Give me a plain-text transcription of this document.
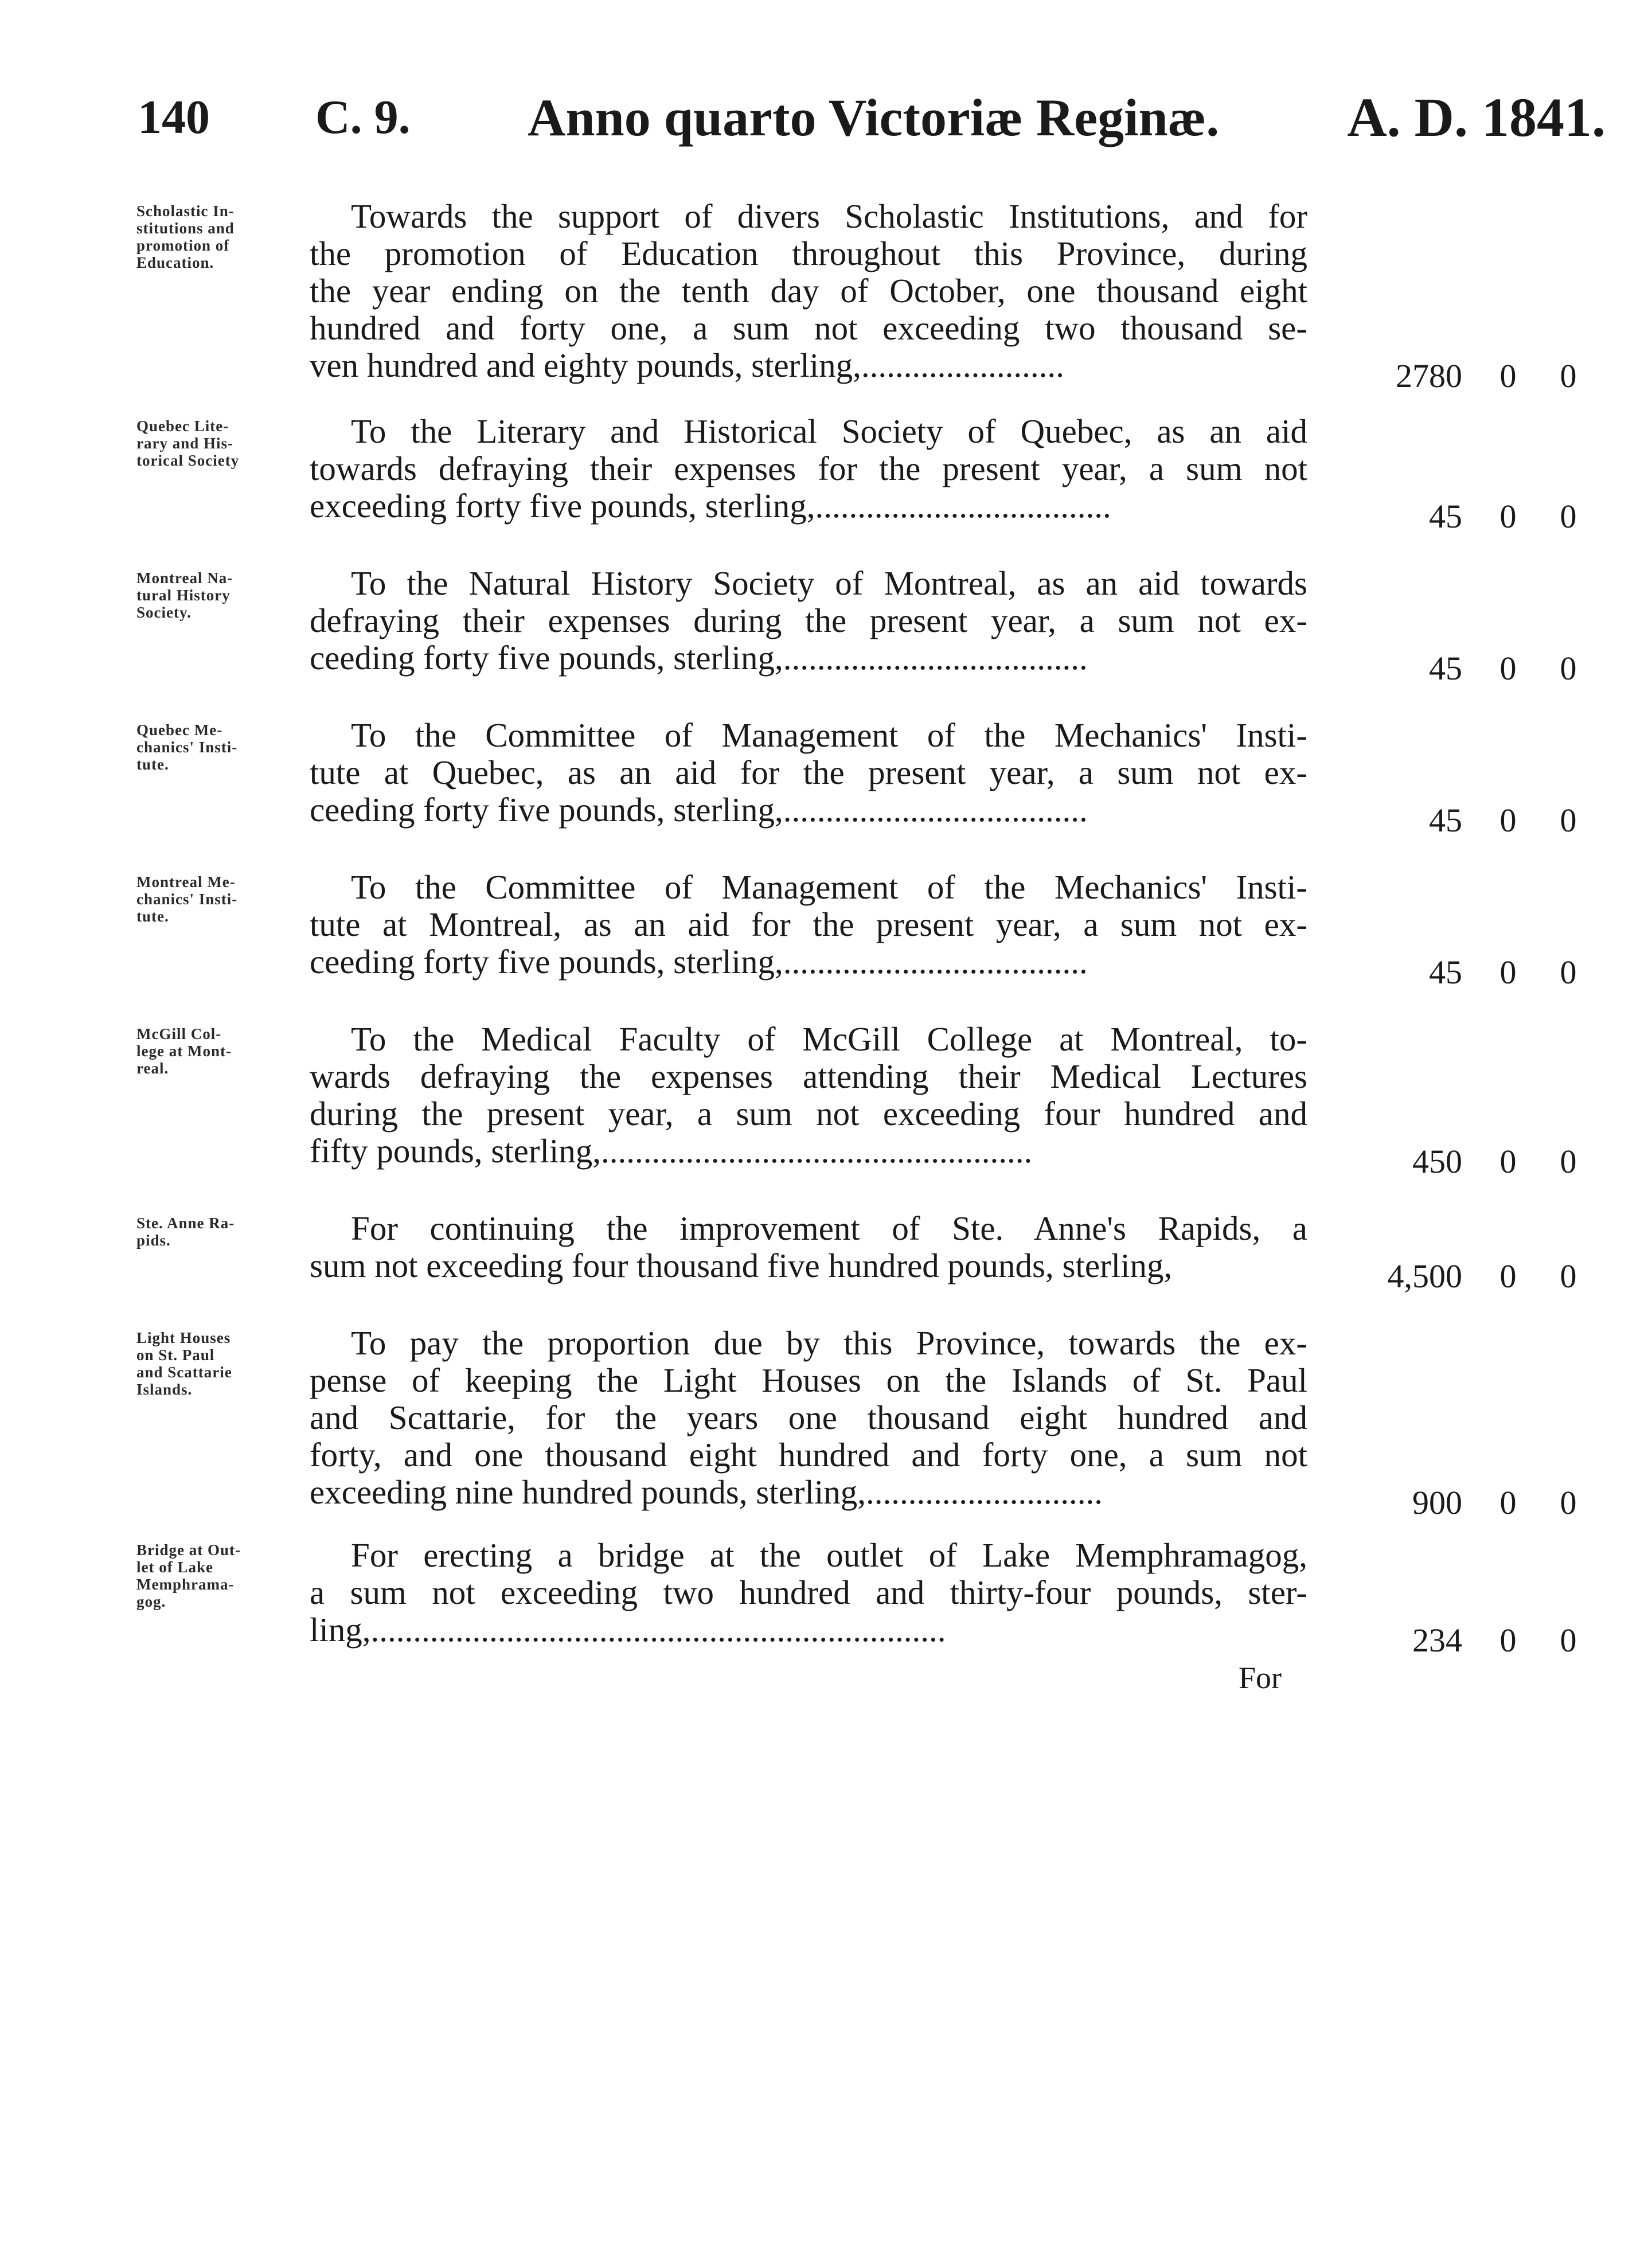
140 C. 9. Anno quarto Victoriæ Reginæ. A. D. 1841.
Scholastic In-
stitutions and
promotion of
Education.
Towards the support of divers Scholastic Institutions, and for
the promotion of Education throughout this Province, during
the year ending on the tenth day of October, one thousand eight
hundred and forty one, a sum not exceeding two thousand se-
ven hundred and eighty pounds, sterling,........................	2780 0 0
Quebec Lite-
rary and His-
torical Society
To the Literary and Historical Society of Quebec, as an aid
towards defraying their expenses for the present year, a sum not
exceeding forty five pounds, sterling,...................................	45 0 0
Montreal Na-
tural History
Society.
To the Natural History Society of Montreal, as an aid towards
defraying their expenses during the present year, a sum not ex-
ceeding forty five pounds, sterling,....................................	45 0 0
Quebec Me-
chanics' Insti-
tute.
To the Committee of Management of the Mechanics' Insti-
tute at Quebec, as an aid for the present year, a sum not ex-
ceeding forty five pounds, sterling,....................................	45 0 0
Montreal Me-
chanics' Insti-
tute.
To the Committee of Management of the Mechanics' Insti-
tute at Montreal, as an aid for the present year, a sum not ex-
ceeding forty five pounds, sterling,....................................	45 0 0
McGill Col-
lege at Mont-
real.
To the Medical Faculty of McGill College at Montreal, to-
wards defraying the expenses attending their Medical Lectures
during the present year, a sum not exceeding four hundred and
fifty pounds, sterling,...................................................	450 0 0
Ste. Anne Ra-
pids.	For continuing the improvement of Ste. Anne's Rapids, a
sum not exceeding four thousand five hundred pounds, sterling,	4,500 0 0
Light Houses
on St. Paul
and Scattarie
Islands.
To pay the proportion due by this Province, towards the ex-
pense of keeping the Light Houses on the Islands of St. Paul
and Scattarie, for the years one thousand eight hundred and
forty, and one thousand eight hundred and forty one, a sum not
exceeding nine hundred pounds, sterling,............................	900 0 0
Bridge at Out-
let of Lake
Memphrama-
gog.
For erecting a bridge at the outlet of Lake Memphramagog,
a sum not exceeding two hundred and thirty-four pounds, ster-
ling,....................................................................	234 0 0
For
